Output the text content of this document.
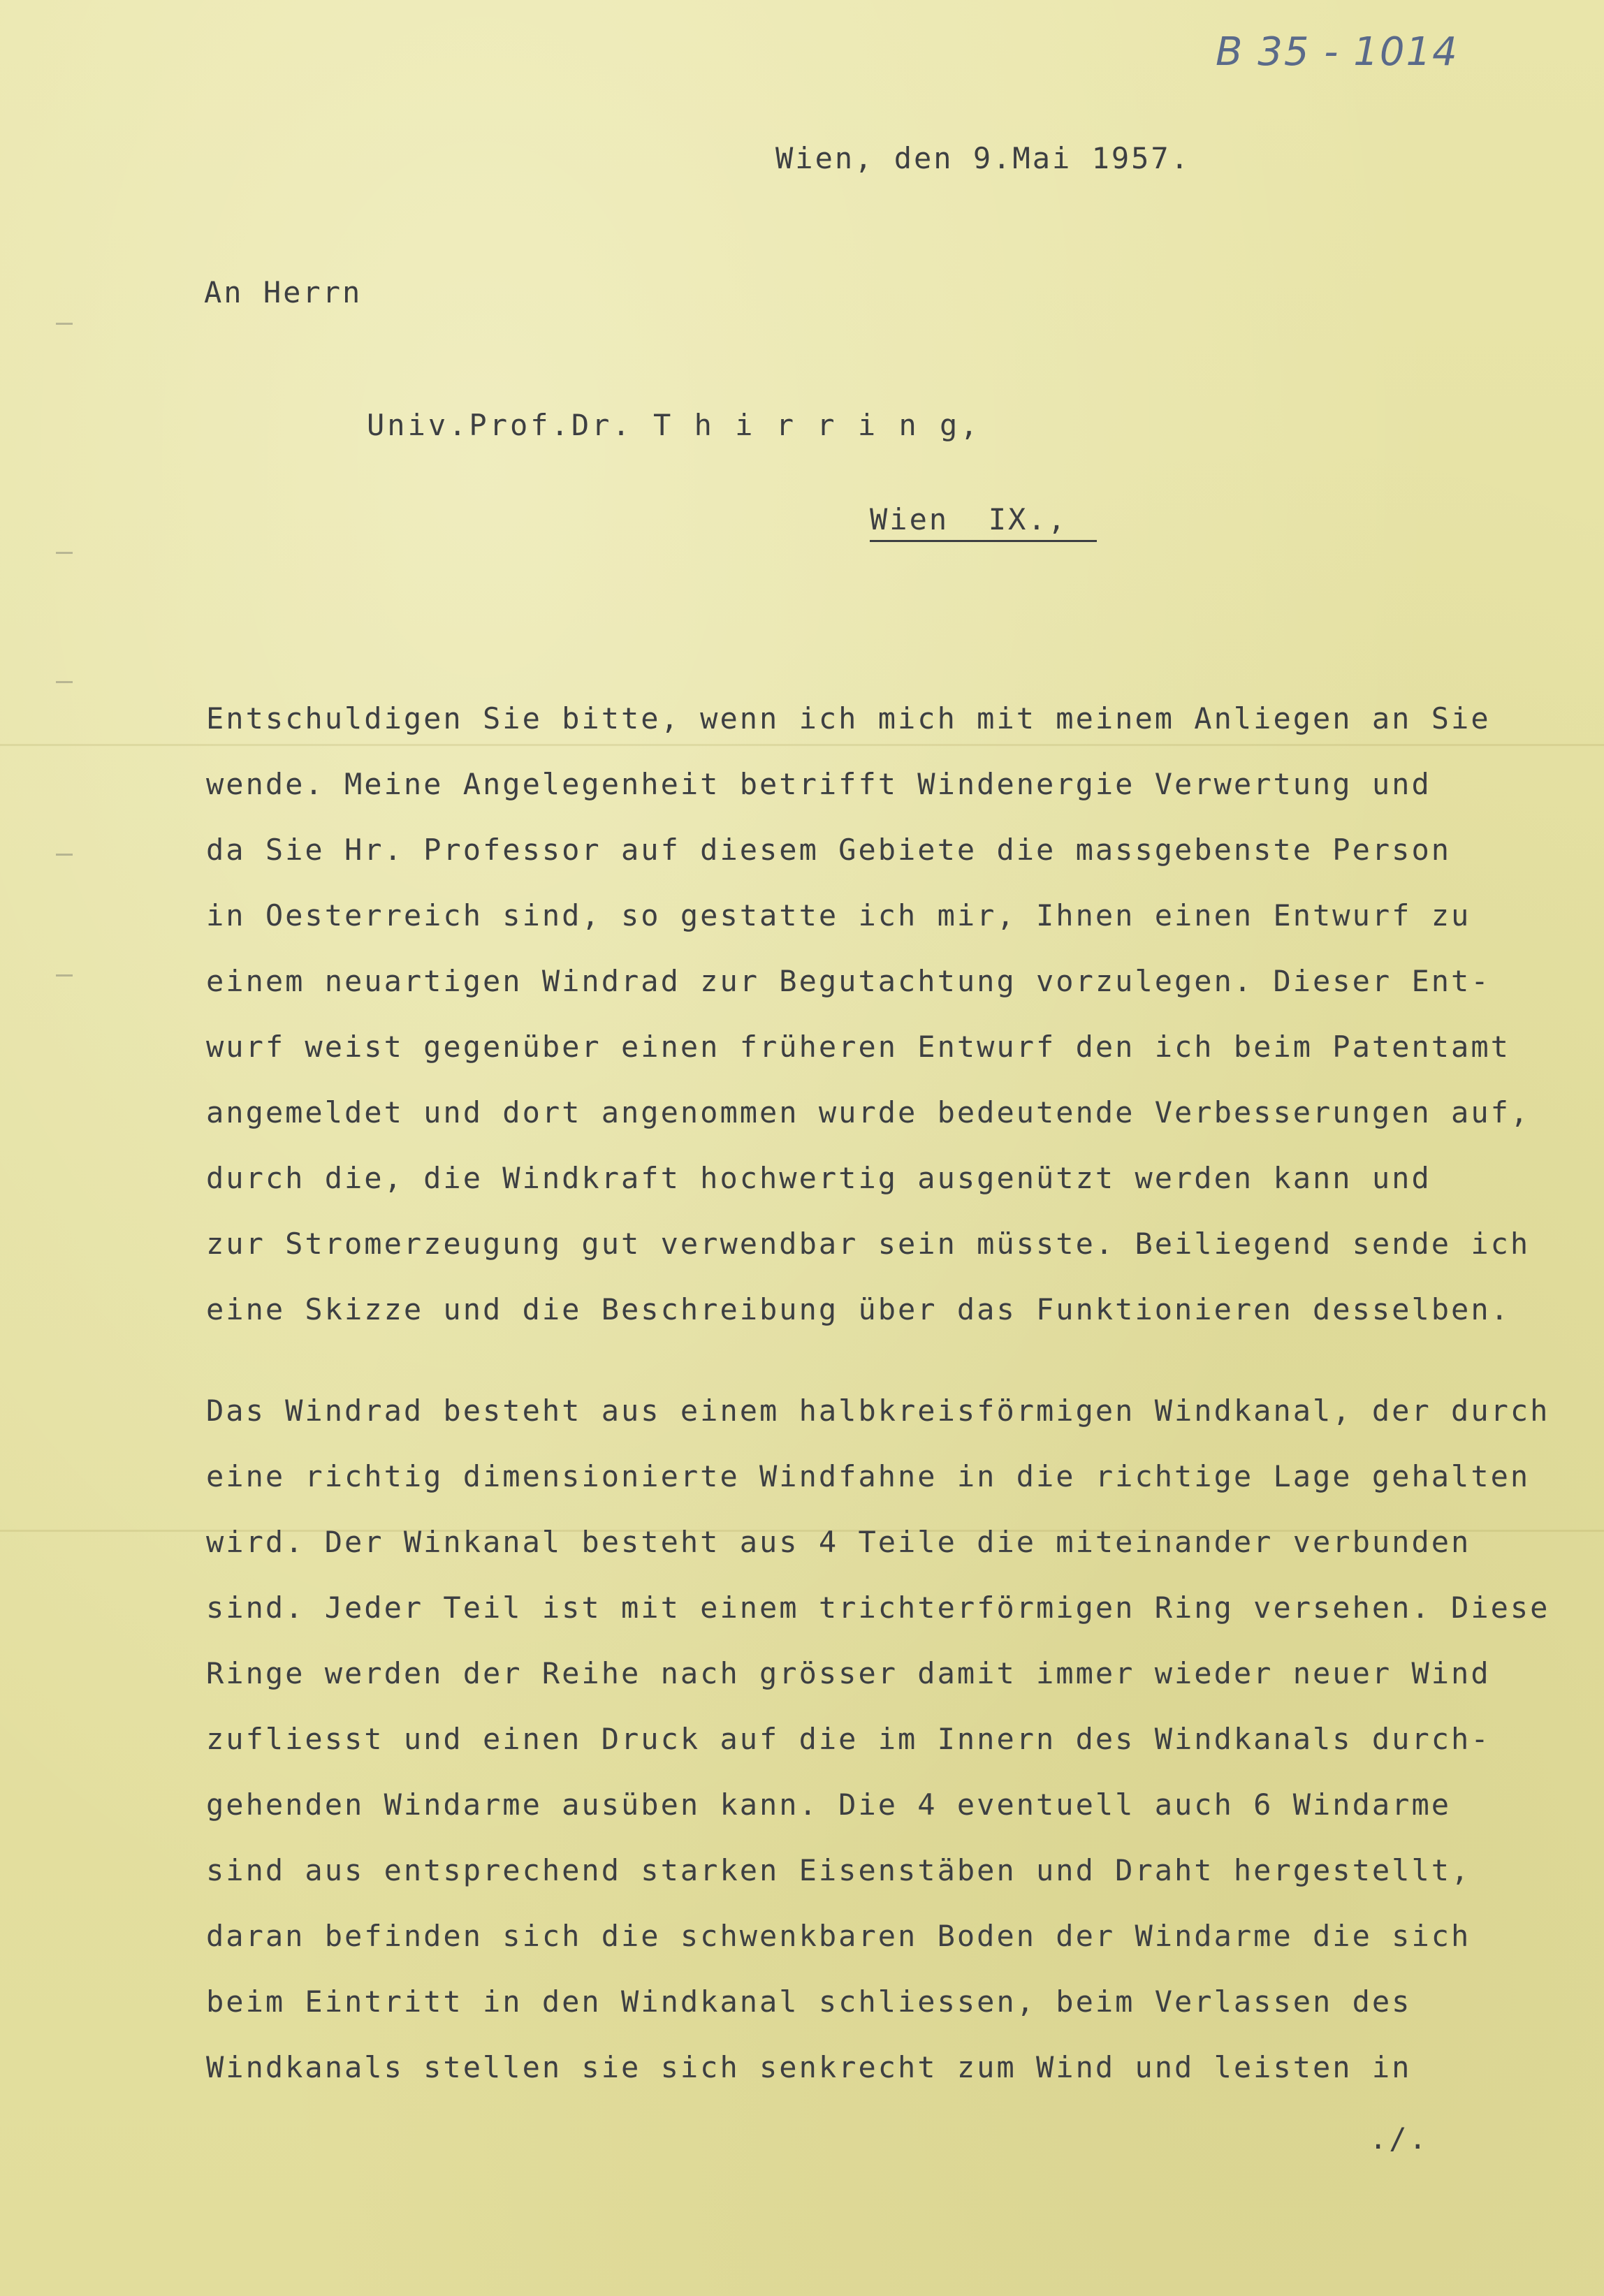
B 35 - 1014
Wien, den 9.Mai 1957.
An Herrn
Univ.Prof.Dr. T h i r r i n g,
Wien  IX.,
Entschuldigen Sie bitte, wenn ich mich mit meinem Anliegen an Sie
wende. Meine Angelegenheit betrifft Windenergie Verwertung und
da Sie Hr. Professor auf diesem Gebiete die massgebenste Person
in Oesterreich sind, so gestatte ich mir, Ihnen einen Entwurf zu
einem neuartigen Windrad zur Begutachtung vorzulegen. Dieser Ent-
wurf weist gegenüber einen früheren Entwurf den ich beim Patentamt
angemeldet und dort angenommen wurde bedeutende Verbesserungen auf,
durch die, die Windkraft hochwertig ausgenützt werden kann und
zur Stromerzeugung gut verwendbar sein müsste. Beiliegend sende ich
eine Skizze und die Beschreibung über das Funktionieren desselben.
Das Windrad besteht aus einem halbkreisförmigen Windkanal, der durch
eine richtig dimensionierte Windfahne in die richtige Lage gehalten
wird. Der Winkanal besteht aus 4 Teile die miteinander verbunden
sind. Jeder Teil ist mit einem trichterförmigen Ring versehen. Diese
Ringe werden der Reihe nach grösser damit immer wieder neuer Wind
zufliesst und einen Druck auf die im Innern des Windkanals durch-
gehenden Windarme ausüben kann. Die 4 eventuell auch 6 Windarme
sind aus entsprechend starken Eisenstäben und Draht hergestellt,
daran befinden sich die schwenkbaren Boden der Windarme die sich
beim Eintritt in den Windkanal schliessen, beim Verlassen des
Windkanals stellen sie sich senkrecht zum Wind und leisten in
./.
